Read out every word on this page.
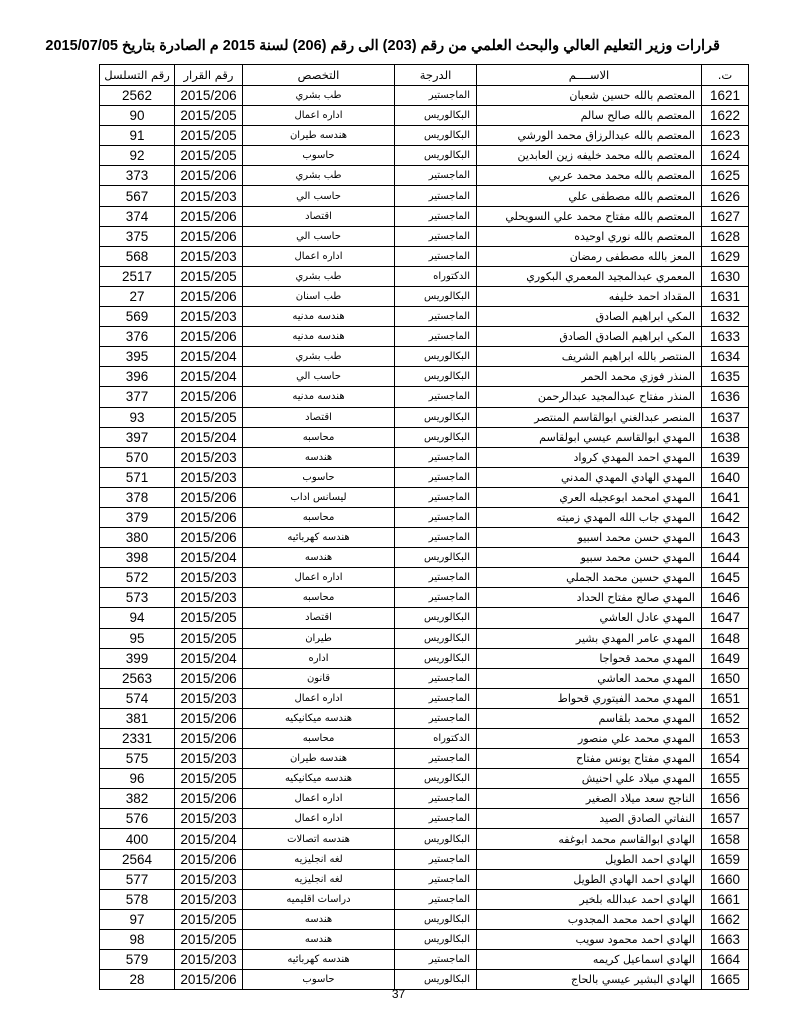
قرارات وزير التعليم العالي والبحث العلمي من رقم (203) الى رقم (206) لسنة 2015 م الصادرة بتاريخ 2015/07/05
ت.	الاســــم	الدرجة	التخصص	رقم القرار	رقم التسلسل
1621	المعتصم بالله حسين شعبان	الماجستير	طب بشري	2015/206	2562
1622	المعتصم بالله صالح سالم	البكالوريس	اداره اعمال	2015/205	90
1623	المعتصم بالله عبدالرزاق محمد الورشي	البكالوريس	هندسه طيران	2015/205	91
1624	المعتصم بالله محمد خليفه زين العابدين	البكالوريس	حاسوب	2015/205	92
1625	المعتصم بالله محمد محمد عربي	الماجستير	طب بشري	2015/206	373
1626	المعتصم بالله مصطفى علي	الماجستير	حاسب الي	2015/203	567
1627	المعتصم بالله مفتاح محمد علي السويحلي	الماجستير	اقتصاد	2015/206	374
1628	المعتصم بالله نوري اوحيده	الماجستير	حاسب الي	2015/206	375
1629	المعز بالله مصطفى رمضان	الماجستير	اداره اعمال	2015/203	568
1630	المعمري عبدالمجيد المعمري البكوري	الدكتوراه	طب بشري	2015/205	2517
1631	المقداد احمد خليفه	البكالوريس	طب اسنان	2015/206	27
1632	المكي ابراهيم الصادق	الماجستير	هندسه مدنيه	2015/203	569
1633	المكي ابراهيم الصادق الصادق	الماجستير	هندسه مدنيه	2015/206	376
1634	المنتصر بالله ابراهيم الشريف	البكالوريس	طب بشري	2015/204	395
1635	المنذر فوزي محمد الحمر	البكالوريس	حاسب الي	2015/204	396
1636	المنذر مفتاح عبدالمجيد عبدالرحمن	الماجستير	هندسه مدنيه	2015/206	377
1637	المنصر عبدالغني ابوالقاسم المنتصر	البكالوريس	اقتصاد	2015/205	93
1638	المهدي ابوالقاسم عيسي ابولقاسم	البكالوريس	محاسبه	2015/204	397
1639	المهدي احمد المهدي كرواد	الماجستير	هندسه	2015/203	570
1640	المهدي الهادي المهدي المدني	الماجستير	حاسوب	2015/203	571
1641	المهدي امحمد ابوعجيله العري	الماجستير	ليسانس اداب	2015/206	378
1642	المهدي جاب الله المهدي زميته	الماجستير	محاسبه	2015/206	379
1643	المهدي حسن محمد اسبيو	الماجستير	هندسه كهربائيه	2015/206	380
1644	المهدي حسن محمد سبيو	البكالوريس	هندسه	2015/204	398
1645	المهدي حسين محمد الجملي	الماجستير	اداره اعمال	2015/203	572
1646	المهدي صالح مفتاح الحداد	الماجستير	محاسبه	2015/203	573
1647	المهدي عادل العاشي	البكالوريس	اقتصاد	2015/205	94
1648	المهدي عامر المهدي بشير	البكالوريس	طيران	2015/205	95
1649	المهدي محمد قحواجا	البكالوريس	اداره	2015/204	399
1650	المهدي محمد العاشي	الماجستير	قانون	2015/206	2563
1651	المهدي محمد الفيتوري قحواط	الماجستير	اداره اعمال	2015/203	574
1652	المهدي محمد بلقاسم	الماجستير	هندسه ميكانيكيه	2015/206	381
1653	المهدي محمد علي منصور	الدكتوراه	محاسبه	2015/206	2331
1654	المهدي مفتاح يونس مفتاح	الماجستير	هندسه طيران	2015/203	575
1655	المهدي ميلاد علي احنيش	البكالوريس	هندسه ميكانيكيه	2015/205	96
1656	الناجح سعد ميلاد الصغير	الماجستير	اداره اعمال	2015/206	382
1657	النفاتي الصادق الصيد	الماجستير	اداره اعمال	2015/203	576
1658	الهادي ابوالقاسم محمد ابوغفه	البكالوريس	هندسه اتصالات	2015/204	400
1659	الهادي احمد الطويل	الماجستير	لغه انجليزيه	2015/206	2564
1660	الهادي احمد الهادي الطويل	الماجستير	لغه انجليزيه	2015/203	577
1661	الهادي احمد عبدالله بلخير	الماجستير	دراسات اقليميه	2015/203	578
1662	الهادي احمد محمد المجدوب	البكالوريس	هندسه	2015/205	97
1663	الهادي احمد محمود سويب	البكالوريس	هندسه	2015/205	98
1664	الهادي اسماعيل كريمه	الماجستير	هندسه كهربائيه	2015/203	579
1665	الهادي البشير عيسي بالحاج	البكالوريس	حاسوب	2015/206	28
37
